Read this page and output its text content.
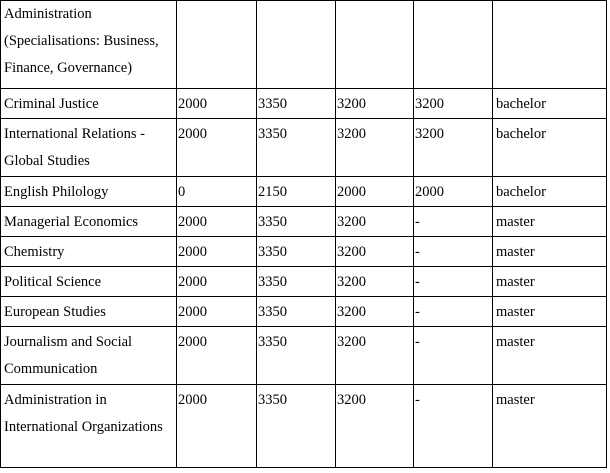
Administration (Specialisations: Business, Finance, Governance)					
Criminal Justice	2000	3350	3200	3200	bachelor
International Relations - Global Studies	2000	3350	3200	3200	bachelor
English Philology	0	2150	2000	2000	bachelor
Managerial Economics	2000	3350	3200	-	master
Chemistry	2000	3350	3200	-	master
Political Science	2000	3350	3200	-	master
European Studies	2000	3350	3200	-	master
Journalism and Social Communication	2000	3350	3200	-	master
Administration in International Organizations	2000	3350	3200	-	master
